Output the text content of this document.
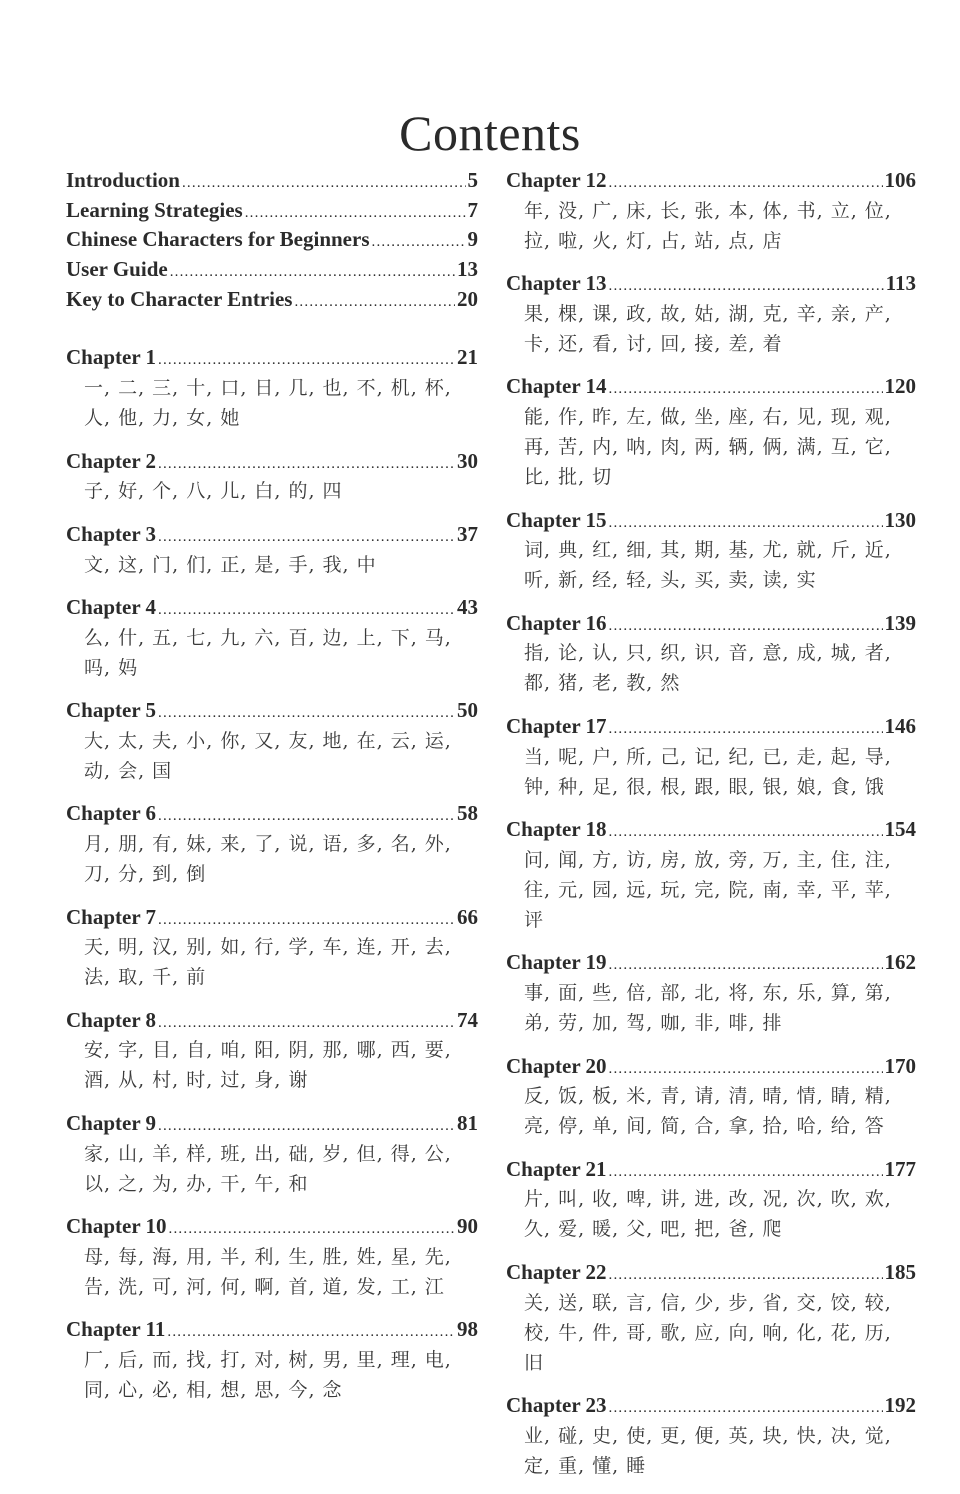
Contents
Introduction .....	5
Learning Strategies .....	7
Chinese Characters for Beginners .....	9
User Guide .....	13
Key to Character Entries .....	20
Chapter 1 .....	21
一, 二, 三, 十, 口, 日, 几, 也, 不, 机, 杯, 人, 他, 力, 女, 她
Chapter 2 .....	30
子, 好, 个, 八, 儿, 白, 的, 四
Chapter 3 .....	37
文, 这, 门, 们, 正, 是, 手, 我, 中
Chapter 4 .....	43
么, 什, 五, 七, 九, 六, 百, 边, 上, 下, 马, 吗, 妈
Chapter 5 .....	50
大, 太, 夫, 小, 你, 又, 友, 地, 在, 云, 运, 动, 会, 国
Chapter 6 .....	58
月, 朋, 有, 妹, 来, 了, 说, 语, 多, 名, 外, 刀, 分, 到, 倒
Chapter 7 .....	66
天, 明, 汉, 别, 如, 行, 学, 车, 连, 开, 去, 法, 取, 千, 前
Chapter 8 .....	74
安, 字, 目, 自, 咱, 阳, 阴, 那, 哪, 西, 要, 酒, 从, 村, 时, 过, 身, 谢
Chapter 9 .....	81
家, 山, 羊, 样, 班, 出, 础, 岁, 但, 得, 公, 以, 之, 为, 办, 干, 午, 和
Chapter 10 .....	90
母, 每, 海, 用, 半, 利, 生, 胜, 姓, 星, 先, 告, 洗, 可, 河, 何, 啊, 首, 道, 发, 工, 江
Chapter 11 .....	98
厂, 后, 而, 找, 打, 对, 树, 男, 里, 理, 电, 同, 心, 必, 相, 想, 思, 今, 念
Chapter 12 .....	106
年, 没, 广, 床, 长, 张, 本, 体, 书, 立, 位, 拉, 啦, 火, 灯, 占, 站, 点, 店
Chapter 13 .....	113
果, 棵, 课, 政, 故, 姑, 湖, 克, 辛, 亲, 产, 卡, 还, 看, 讨, 回, 接, 差, 着
Chapter 14 .....	120
能, 作, 昨, 左, 做, 坐, 座, 右, 见, 现, 观, 再, 苦, 内, 呐, 肉, 两, 辆, 俩, 满, 互, 它, 比, 批, 切
Chapter 15 .....	130
词, 典, 红, 细, 其, 期, 基, 尤, 就, 斤, 近, 听, 新, 经, 轻, 头, 买, 卖, 读, 实
Chapter 16 .....	139
指, 论, 认, 只, 织, 识, 音, 意, 成, 城, 者, 都, 猪, 老, 教, 然
Chapter 17 .....	146
当, 呢, 户, 所, 己, 记, 纪, 已, 走, 起, 导, 钟, 种, 足, 很, 根, 跟, 眼, 银, 娘, 食, 饿
Chapter 18 .....	154
问, 闻, 方, 访, 房, 放, 旁, 万, 主, 住, 注, 往, 元, 园, 远, 玩, 完, 院, 南, 幸, 平, 苹, 评
Chapter 19 .....	162
事, 面, 些, 倍, 部, 北, 将, 东, 乐, 算, 第, 弟, 劳, 加, 驾, 咖, 非, 啡, 排
Chapter 20 .....	170
反, 饭, 板, 米, 青, 请, 清, 晴, 情, 睛, 精, 亮, 停, 单, 间, 简, 合, 拿, 拾, 哈, 给, 答
Chapter 21 .....	177
片, 叫, 收, 啤, 讲, 进, 改, 况, 次, 吹, 欢, 久, 爱, 暖, 父, 吧, 把, 爸, 爬
Chapter 22 .....	185
关, 送, 联, 言, 信, 少, 步, 省, 交, 饺, 较, 校, 牛, 件, 哥, 歌, 应, 向, 响, 化, 花, 历, 旧
Chapter 23 .....	192
业, 碰, 史, 使, 更, 便, 英, 块, 快, 决, 觉, 定, 重, 懂, 睡
